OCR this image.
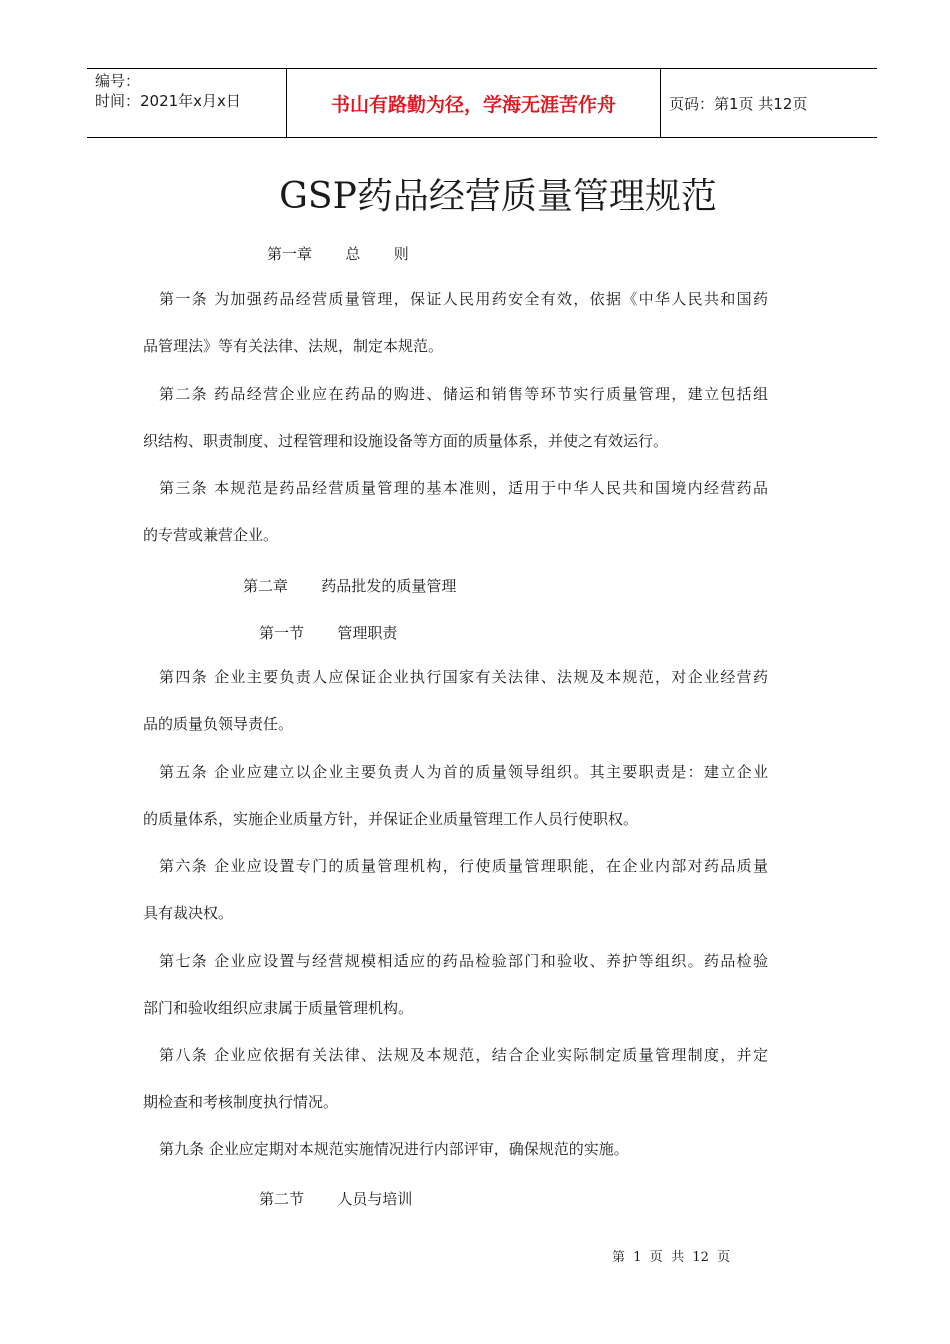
编号：
时间：2021年x月x日	书山有路勤为径，学海无涯苦作舟	页码：第1页 共12页
GSP药品经营质量管理规范
第一章       总       则
第一条 为加强药品经营质量管理，保证人民用药安全有效，依据《中华人民共和国药
品管理法》等有关法律、法规，制定本规范。
第二条 药品经营企业应在药品的购进、储运和销售等环节实行质量管理，建立包括组
织结构、职责制度、过程管理和设施设备等方面的质量体系，并使之有效运行。
第三条 本规范是药品经营质量管理的基本准则，适用于中华人民共和国境内经营药品
的专营或兼营企业。
第二章       药品批发的质量管理
第一节       管理职责
第四条 企业主要负责人应保证企业执行国家有关法律、法规及本规范，对企业经营药
品的质量负领导责任。
第五条 企业应建立以企业主要负责人为首的质量领导组织。其主要职责是：建立企业
的质量体系，实施企业质量方针，并保证企业质量管理工作人员行使职权。
第六条 企业应设置专门的质量管理机构，行使质量管理职能，在企业内部对药品质量
具有裁决权。
第七条 企业应设置与经营规模相适应的药品检验部门和验收、养护等组织。药品检验
部门和验收组织应隶属于质量管理机构。
第八条 企业应依据有关法律、法规及本规范，结合企业实际制定质量管理制度，并定
期检查和考核制度执行情况。
第九条 企业应定期对本规范实施情况进行内部评审，确保规范的实施。
第二节       人员与培训
第  1  页  共  12  页
